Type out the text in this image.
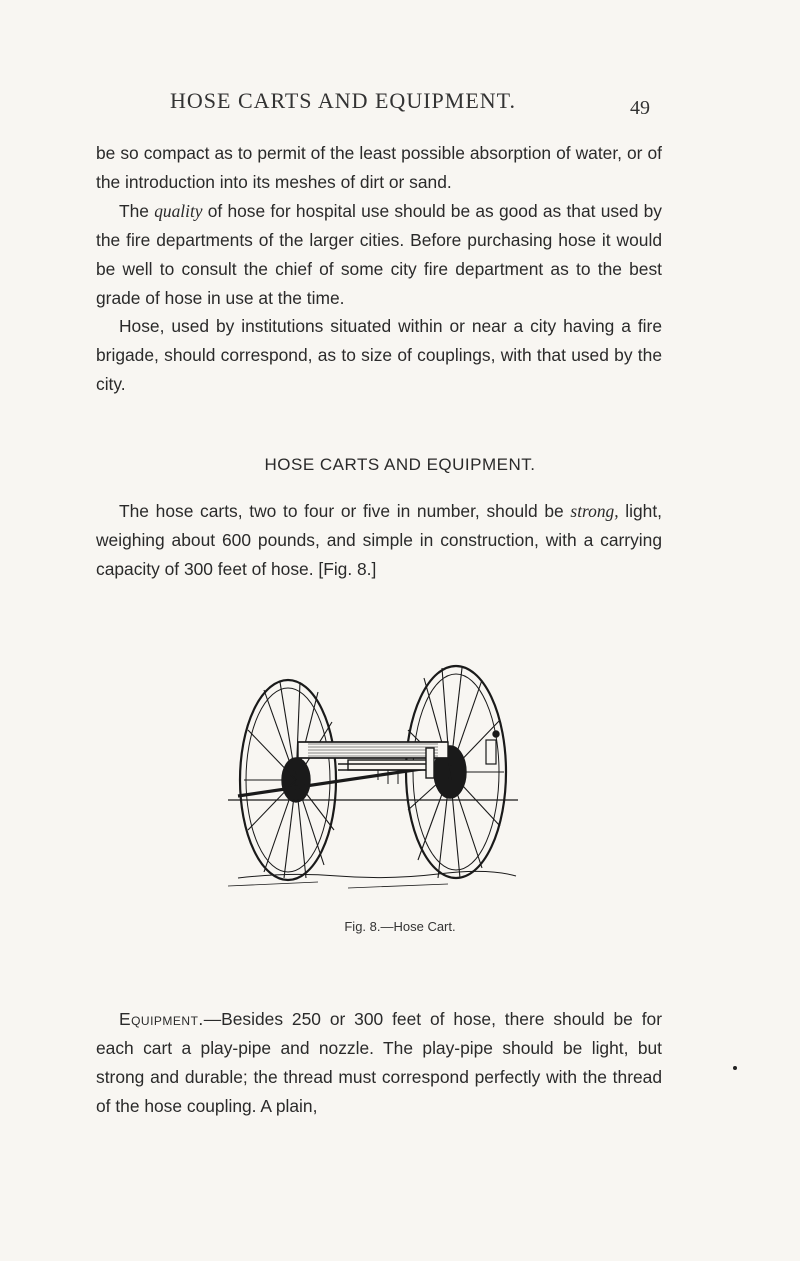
HOSE CARTS AND EQUIPMENT.	49

be so compact as to permit of the least possible absorption of water, or of the introduction into its meshes of dirt or sand.

The quality of hose for hospital use should be as good as that used by the fire departments of the larger cities. Before purchasing hose it would be well to consult the chief of some city fire department as to the best grade of hose in use at the time.

Hose, used by institutions situated within or near a city having a fire brigade, should correspond, as to size of couplings, with that used by the city.

HOSE CARTS AND EQUIPMENT.

The hose carts, two to four or five in number, should be strong, light, weighing about 600 pounds, and simple in construction, with a carrying capacity of 300 feet of hose. [Fig. 8.]

Fig. 8.—Hose Cart.

Equipment.—Besides 250 or 300 feet of hose, there should be for each cart a play-pipe and nozzle. The play-pipe should be light, but strong and durable; the thread must correspond perfectly with the thread of the hose coupling. A plain,
